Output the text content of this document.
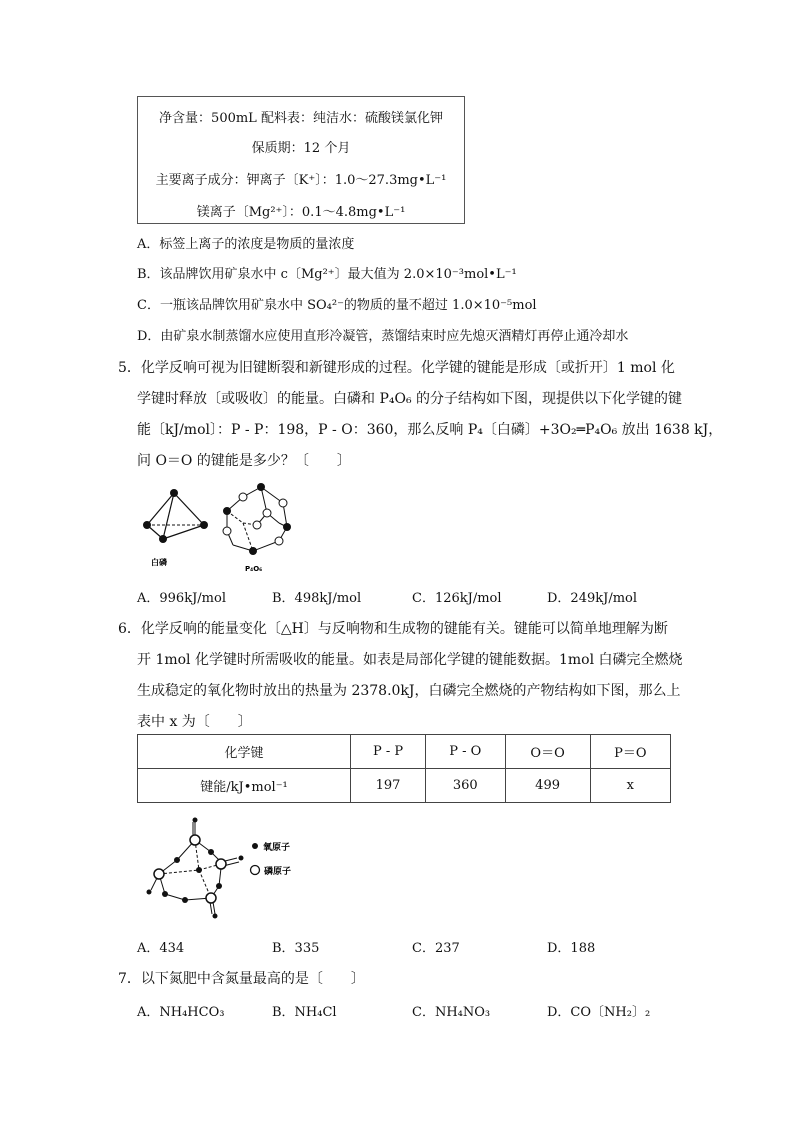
净含量：500mL 配料表：纯洁水：硫酸镁氯化钾
保质期：12 个月
主要离子成分：钾离子〔K⁺〕：1.0～27.3mg•L⁻¹
镁离子〔Mg²⁺〕：0.1～4.8mg•L⁻¹
A．标签上离子的浓度是物质的量浓度
B．该品牌饮用矿泉水中 c〔Mg²⁺〕最大值为 2.0×10⁻³mol•L⁻¹
C．一瓶该品牌饮用矿泉水中 SO₄²⁻的物质的量不超过 1.0×10⁻⁵mol
D．由矿泉水制蒸馏水应使用直形冷凝管，蒸馏结束时应先熄灭酒精灯再停止通冷却水
5．化学反响可视为旧键断裂和新键形成的过程。化学键的键能是形成〔或折开〕1 mol 化
学键时释放〔或吸收〕的能量。白磷和 P₄O₆ 的分子结构如下图，现提供以下化学键的键
能〔kJ/mol〕：P - P：198，P - O：360，那么反响 P₄〔白磷〕+3O₂═P₄O₆ 放出 1638 kJ，
问 O＝O 的键能是多少？〔　　〕
白磷
P₄O₆
A．996kJ/mol	B．498kJ/mol	C．126kJ/mol	D．249kJ/mol
6．化学反响的能量变化〔△H〕与反响物和生成物的键能有关。键能可以简单地理解为断
开 1mol 化学键时所需吸收的能量。如表是局部化学键的键能数据。1mol 白磷完全燃烧
生成稳定的氧化物时放出的热量为 2378.0kJ，白磷完全燃烧的产物结构如下图，那么上
表中 x 为〔　　〕
化学键	P - P	P - O	O＝O	P＝O
键能/kJ•mol⁻¹	197	360	499	x
氧原子
磷原子
A．434	B．335	C．237	D．188
7．以下氮肥中含氮量最高的是〔　　〕
A．NH₄HCO₃	B．NH₄Cl	C．NH₄NO₃	D．CO〔NH₂〕₂
